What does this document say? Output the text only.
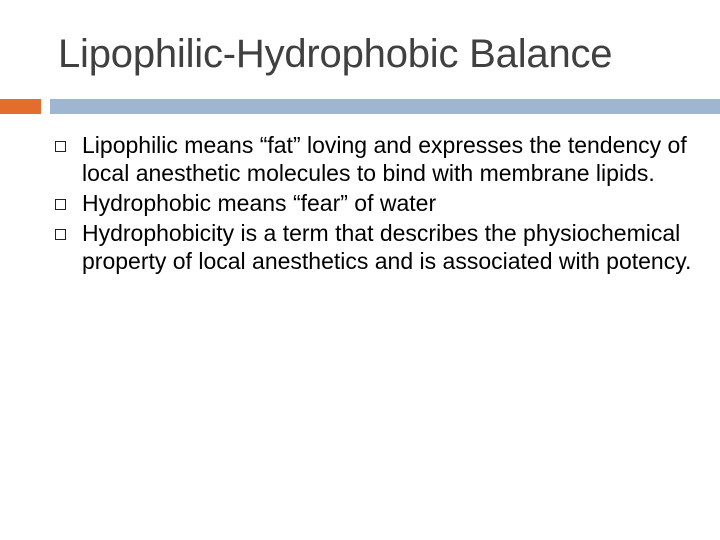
Lipophilic-Hydrophobic Balance
Lipophilic means “fat” loving and expresses the tendency of local anesthetic molecules to bind with membrane lipids.
Hydrophobic means “fear” of water
Hydrophobicity is a term that describes the physiochemical property of local anesthetics and is associated with potency.
